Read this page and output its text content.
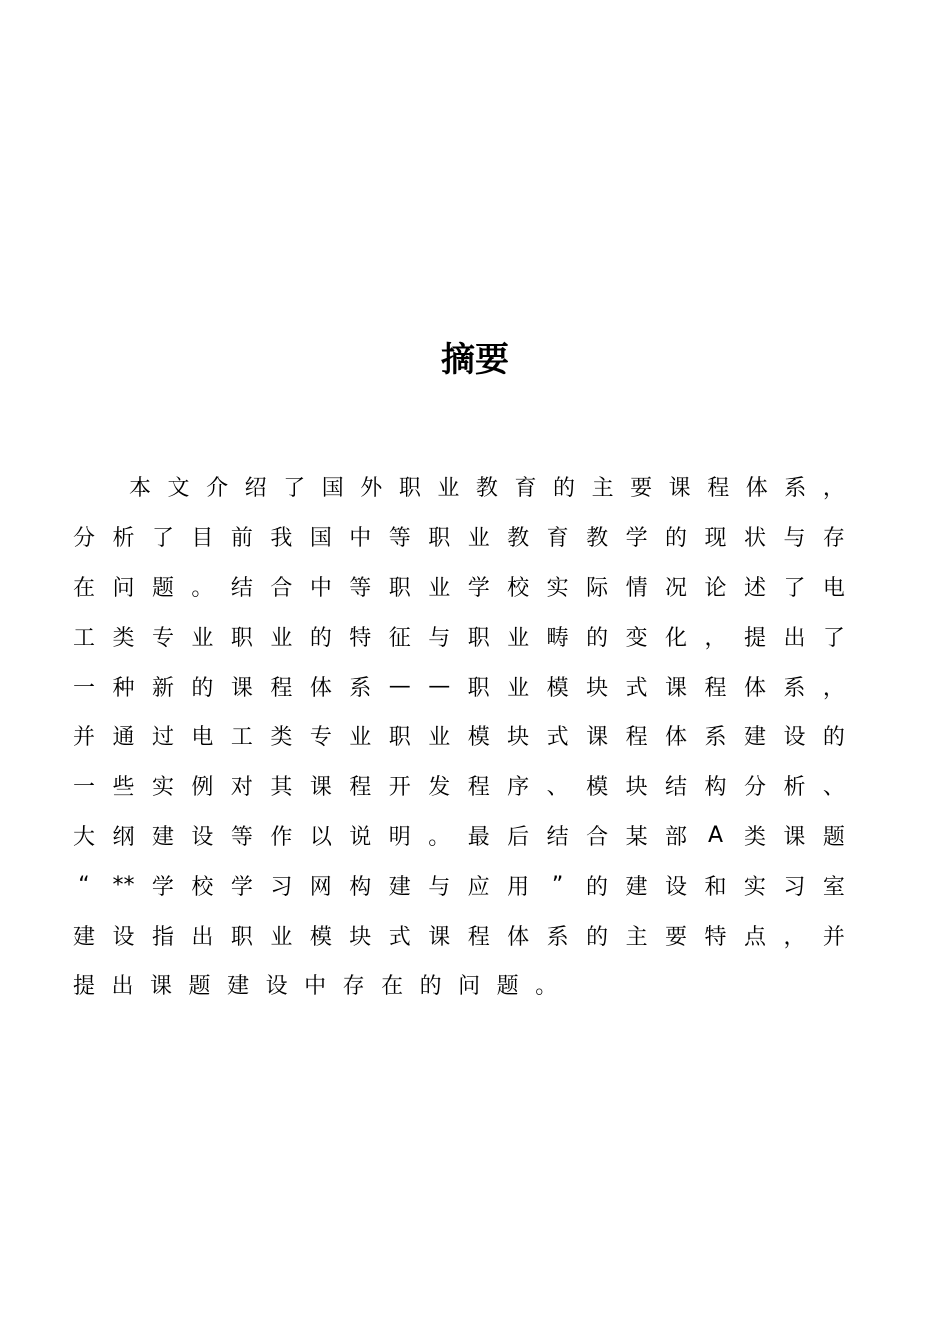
摘要
本 文 介 绍 了 国 外 职 业 教 育 的 主 要 课 程 体 系 ，
分 析 了 目 前 我 国 中 等 职 业 教 育 教 学 的 现 状 与 存
在 问 题 。 结 合 中 等 职 业 学 校 实 际 情 况 论 述 了 电
工 类 专 业 职 业 的 特 征 与 职 业 畴 的 变 化 ， 提 出 了
一 种 新 的 课 程 体 系 — — 职 业 模 块 式 课 程 体 系 ，
并 通 过 电 工 类 专 业 职 业 模 块 式 课 程 体 系 建 设 的
一 些 实 例 对 其 课 程 开 发 程 序 、 模 块 结 构 分 析 、
大 纲 建 设 等 作 以 说 明 。 最 后 结 合 某 部 A 类 课 题
“ ** 学 校 学 习 网 构 建 与 应 用 ” 的 建 设 和 实 习 室
建 设 指 出 职 业 模 块 式 课 程 体 系 的 主 要 特 点 ， 并
提 出 课 题 建 设 中 存 在 的 问 题 。
